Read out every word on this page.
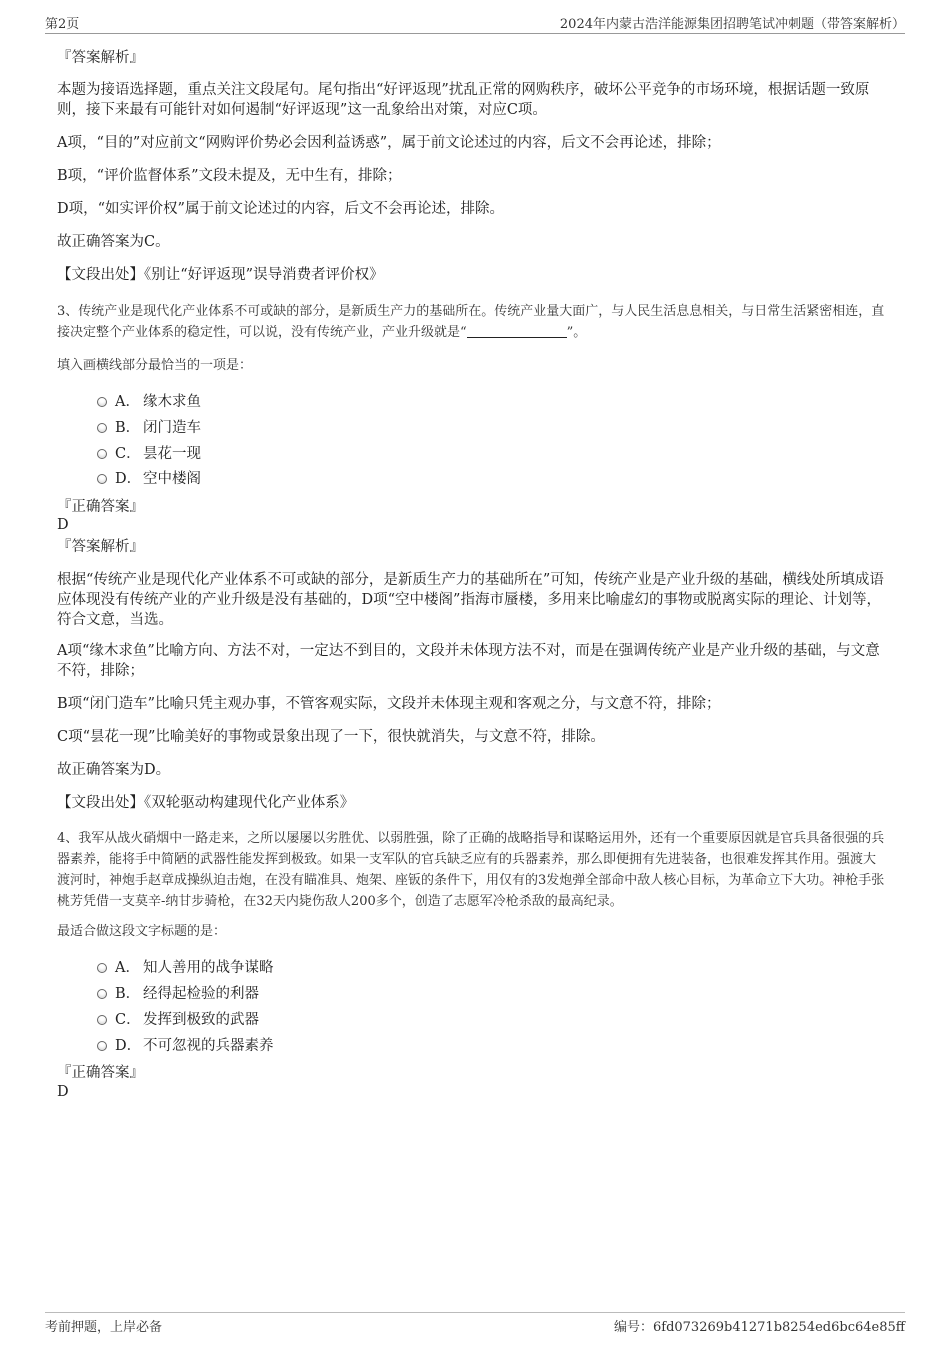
第2页	2024年内蒙古浩洋能源集团招聘笔试冲刺题（带答案解析）
『答案解析』
本题为接语选择题，重点关注文段尾句。尾句指出“好评返现”扰乱正常的网购秩序，破坏公平竞争的市场环境，根据话题一致原则，接下来最有可能针对如何遏制“好评返现”这一乱象给出对策，对应C项。
A项，“目的”对应前文“网购评价势必会因利益诱惑”，属于前文论述过的内容，后文不会再论述，排除；
B项，“评价监督体系”文段未提及，无中生有，排除；
D项，“如实评价权”属于前文论述过的内容，后文不会再论述，排除。
故正确答案为C。
【文段出处】《别让“好评返现”误导消费者评价权》
3、传统产业是现代化产业体系不可或缺的部分，是新质生产力的基础所在。传统产业量大面广，与人民生活息息相关，与日常生活紧密相连，直接决定整个产业体系的稳定性，可以说，没有传统产业，产业升级就是“	”。
填入画横线部分最恰当的一项是：
A． 缘木求鱼
B． 闭门造车
C． 昙花一现
D． 空中楼阁
『正确答案』
D
『答案解析』
根据“传统产业是现代化产业体系不可或缺的部分，是新质生产力的基础所在”可知，传统产业是产业升级的基础，横线处所填成语应体现没有传统产业的产业升级是没有基础的，D项“空中楼阁”指海市蜃楼，多用来比喻虚幻的事物或脱离实际的理论、计划等，符合文意，当选。
A项“缘木求鱼”比喻方向、方法不对，一定达不到目的，文段并未体现方法不对，而是在强调传统产业是产业升级的基础，与文意不符，排除；
B项“闭门造车”比喻只凭主观办事，不管客观实际，文段并未体现主观和客观之分，与文意不符，排除；
C项“昙花一现”比喻美好的事物或景象出现了一下，很快就消失，与文意不符，排除。
故正确答案为D。
【文段出处】《双轮驱动构建现代化产业体系》
4、我军从战火硝烟中一路走来，之所以屡屡以劣胜优、以弱胜强，除了正确的战略指导和谋略运用外，还有一个重要原因就是官兵具备很强的兵器素养，能将手中简陋的武器性能发挥到极致。如果一支军队的官兵缺乏应有的兵器素养，那么即便拥有先进装备，也很难发挥其作用。强渡大渡河时，神炮手赵章成操纵迫击炮，在没有瞄准具、炮架、座钣的条件下，用仅有的3发炮弹全部命中敌人核心目标，为革命立下大功。神枪手张桃芳凭借一支莫辛-纳甘步骑枪，在32天内毙伤敌人200多个，创造了志愿军冷枪杀敌的最高纪录。
最适合做这段文字标题的是：
A． 知人善用的战争谋略
B． 经得起检验的利器
C． 发挥到极致的武器
D． 不可忽视的兵器素养
『正确答案』
D
考前押题，上岸必备	编号：6fd073269b41271b8254ed6bc64e85ff
